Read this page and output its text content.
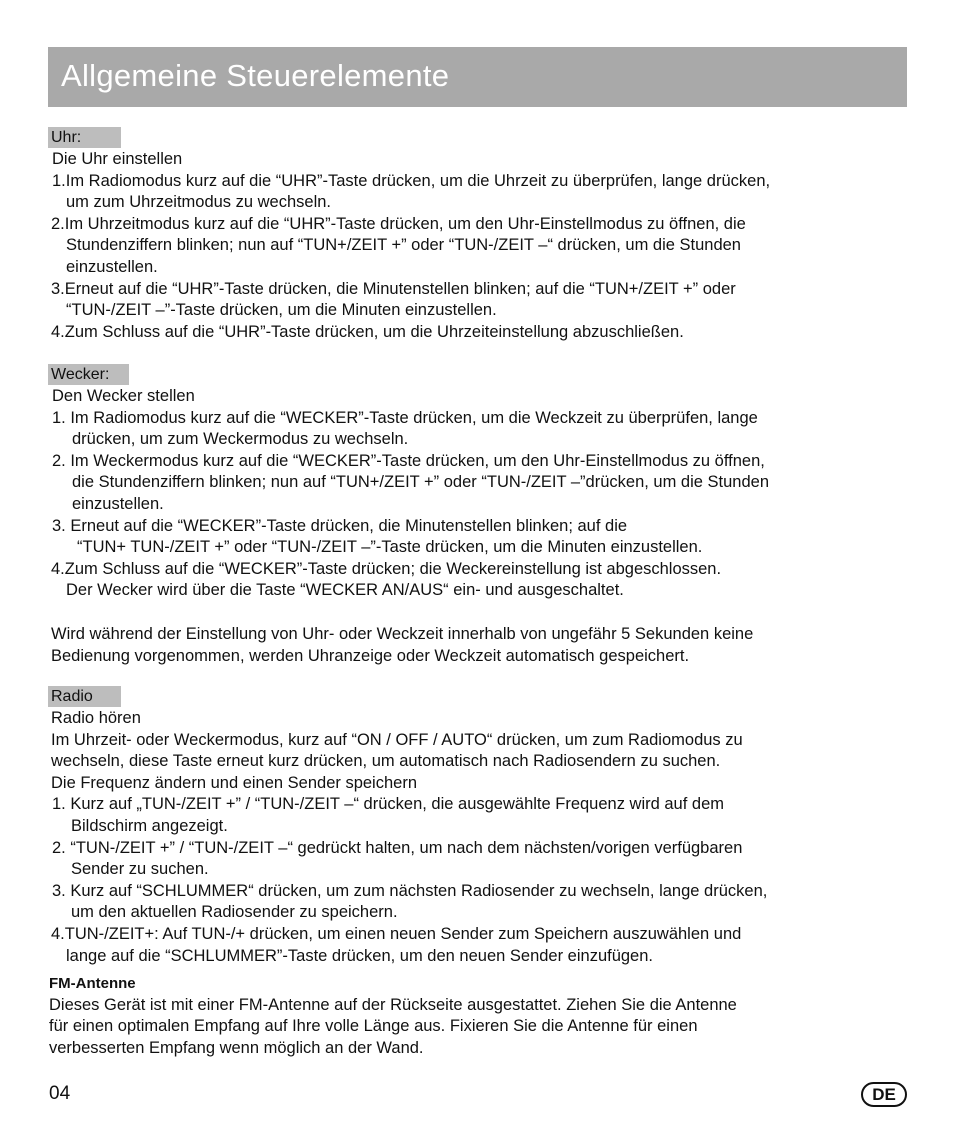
Allgemeine Steuerelemente
Uhr:
Die Uhr einstellen
1.Im Radiomodus kurz auf die “UHR”-Taste drücken, um die Uhrzeit zu überprüfen, lange drücken,
um zum Uhrzeitmodus zu wechseln.
2.Im Uhrzeitmodus kurz auf die “UHR”-Taste drücken, um den Uhr-Einstellmodus zu öffnen, die
Stundenziffern blinken; nun auf “TUN+/ZEIT +” oder “TUN-/ZEIT –“ drücken, um die Stunden
einzustellen.
3.Erneut auf die “UHR”-Taste drücken, die Minutenstellen blinken; auf die “TUN+/ZEIT +” oder
“TUN-/ZEIT –”-Taste drücken, um die Minuten einzustellen.
4.Zum Schluss auf die “UHR”-Taste drücken, um die Uhrzeiteinstellung abzuschließen.
Wecker:
Den Wecker stellen
1. Im Radiomodus kurz auf die “WECKER”-Taste drücken, um die Weckzeit zu überprüfen, lange
drücken, um zum Weckermodus zu wechseln.
2. Im Weckermodus kurz auf die “WECKER”-Taste drücken, um den Uhr-Einstellmodus zu öffnen,
die Stundenziffern blinken; nun auf “TUN+/ZEIT +” oder “TUN-/ZEIT –”drücken, um die Stunden
einzustellen.
3. Erneut auf die “WECKER”-Taste drücken, die Minutenstellen blinken; auf die
“TUN+ TUN-/ZEIT +” oder “TUN-/ZEIT –”-Taste drücken, um die Minuten einzustellen.
4.Zum Schluss auf die “WECKER”-Taste drücken; die Weckereinstellung ist abgeschlossen.
Der Wecker wird über die Taste “WECKER AN/AUS“ ein- und ausgeschaltet.
Wird während der Einstellung von Uhr- oder Weckzeit innerhalb von ungefähr 5 Sekunden keine
Bedienung vorgenommen, werden Uhranzeige oder Weckzeit automatisch gespeichert.
Radio
Radio hören
Im Uhrzeit- oder Weckermodus, kurz auf “ON / OFF / AUTO“ drücken, um zum Radiomodus zu
wechseln, diese Taste erneut kurz drücken, um automatisch nach Radiosendern zu suchen.
Die Frequenz ändern und einen Sender speichern
1. Kurz auf „TUN-/ZEIT +” / “TUN-/ZEIT –“ drücken, die ausgewählte Frequenz wird auf dem
Bildschirm angezeigt.
2. “TUN-/ZEIT +” / “TUN-/ZEIT –“ gedrückt halten, um nach dem nächsten/vorigen verfügbaren
Sender zu suchen.
3. Kurz auf “SCHLUMMER“ drücken, um zum nächsten Radiosender zu wechseln, lange drücken,
um den aktuellen Radiosender zu speichern.
4.TUN-/ZEIT+: Auf TUN-/+ drücken, um einen neuen Sender zum Speichern auszuwählen und
lange auf die “SCHLUMMER”-Taste drücken, um den neuen Sender einzufügen.
FM-Antenne
Dieses Gerät ist mit einer FM-Antenne auf der Rückseite ausgestattet. Ziehen Sie die Antenne
für einen optimalen Empfang auf Ihre volle Länge aus. Fixieren Sie die Antenne für einen
verbesserten Empfang wenn möglich an der Wand.
04	DE
